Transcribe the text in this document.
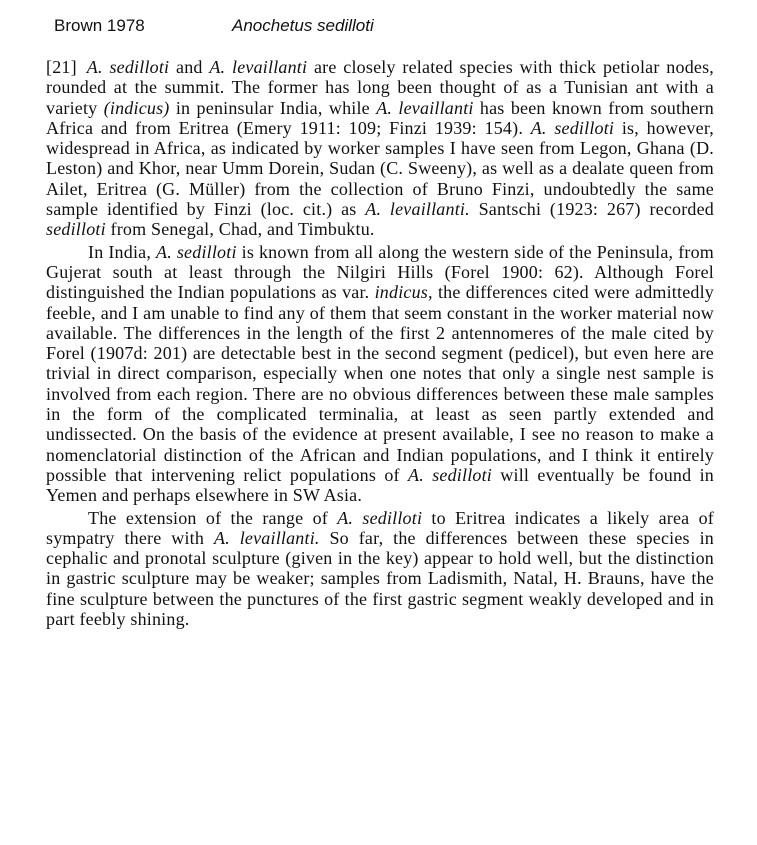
Brown 1978	Anochetus sedilloti

[21] A. sedilloti and A. levaillanti are closely related species with thick petiolar nodes, rounded at the summit. The former has long been thought of as a Tunisian ant with a variety (indicus) in peninsular India, while A. levaillanti has been known from southern Africa and from Eritrea (Emery 1911: 109; Finzi 1939: 154). A. sedilloti is, however, widespread in Africa, as indicated by worker samples I have seen from Legon, Ghana (D. Leston) and Khor, near Umm Dorein, Sudan (C. Sweeny), as well as a dealate queen from Ailet, Eritrea (G. Müller) from the collection of Bruno Finzi, undoubtedly the same sample identified by Finzi (loc. cit.) as A. levaillanti. Santschi (1923: 267) recorded sedilloti from Senegal, Chad, and Timbuktu.

In India, A. sedilloti is known from all along the western side of the Peninsula, from Gujerat south at least through the Nilgiri Hills (Forel 1900: 62). Although Forel distinguished the Indian populations as var. indicus, the differences cited were admittedly feeble, and I am unable to find any of them that seem constant in the worker material now available. The differences in the length of the first 2 antennomeres of the male cited by Forel (1907d: 201) are detectable best in the second segment (pedicel), but even here are trivial in direct comparison, especially when one notes that only a single nest sample is involved from each region. There are no obvious differences between these male samples in the form of the complicated terminalia, at least as seen partly extended and undissected. On the basis of the evidence at present available, I see no reason to make a nomenclatorial distinction of the African and Indian populations, and I think it entirely possible that intervening relict populations of A. sedilloti will eventually be found in Yemen and perhaps elsewhere in SW Asia.

The extension of the range of A. sedilloti to Eritrea indicates a likely area of sympatry there with A. levaillanti. So far, the differences between these species in cephalic and pronotal sculpture (given in the key) appear to hold well, but the distinction in gastric sculpture may be weaker; samples from Ladismith, Natal, H. Brauns, have the fine sculpture between the punctures of the first gastric segment weakly developed and in part feebly shining.
